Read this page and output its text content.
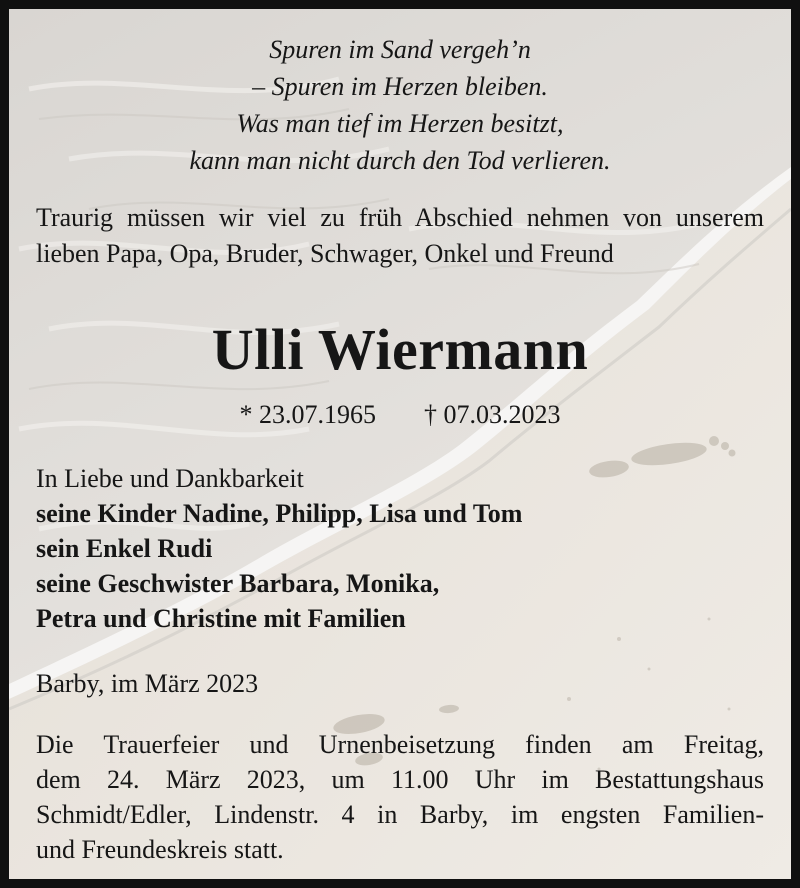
Spuren im Sand vergeh’n
– Spuren im Herzen bleiben.
Was man tief im Herzen besitzt,
kann man nicht durch den Tod verlieren.
Traurig müssen wir viel zu früh Abschied nehmen von unserem lieben Papa, Opa, Bruder, Schwager, Onkel und Freund
Ulli Wiermann
* 23.07.1965 † 07.03.2023
In Liebe und Dankbarkeit
seine Kinder Nadine, Philipp, Lisa und Tom
sein Enkel Rudi
seine Geschwister Barbara, Monika,
Petra und Christine mit Familien
Barby, im März 2023
Die Trauerfeier und Urnenbeisetzung finden am Freitag,
dem 24. März 2023, um 11.00 Uhr im Bestattungshaus
Schmidt/Edler, Lindenstr. 4 in Barby, im engsten Familien-
und Freundeskreis statt.
